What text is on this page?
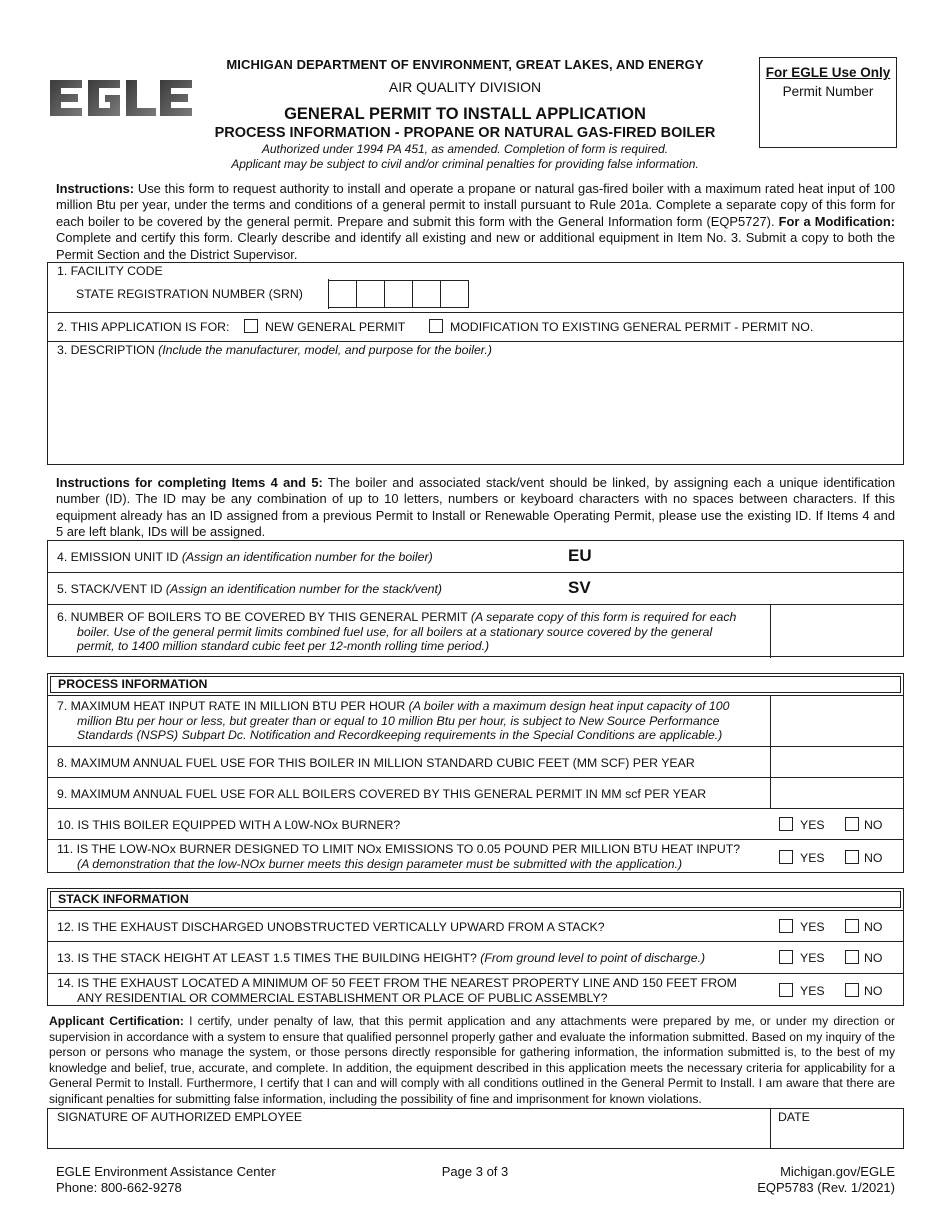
MICHIGAN DEPARTMENT OF ENVIRONMENT, GREAT LAKES, AND ENERGY
AIR QUALITY DIVISION
GENERAL PERMIT TO INSTALL APPLICATION
PROCESS INFORMATION - PROPANE OR NATURAL GAS-FIRED BOILER
Authorized under 1994 PA 451, as amended. Completion of form is required.
Applicant may be subject to civil and/or criminal penalties for providing false information.
For EGLE Use Only
Permit Number
Instructions: Use this form to request authority to install and operate a propane or natural gas-fired boiler with a maximum rated heat input of 100 million Btu per year, under the terms and conditions of a general permit to install pursuant to Rule 201a. Complete a separate copy of this form for each boiler to be covered by the general permit. Prepare and submit this form with the General Information form (EQP5727). For a Modification: Complete and certify this form. Clearly describe and identify all existing and new or additional equipment in Item No. 3. Submit a copy to both the Permit Section and the District Supervisor.
1. FACILITY CODE
STATE REGISTRATION NUMBER (SRN)
2. THIS APPLICATION IS FOR:	NEW GENERAL PERMIT	MODIFICATION TO EXISTING GENERAL PERMIT - PERMIT NO.
3. DESCRIPTION (Include the manufacturer, model, and purpose for the boiler.)
Instructions for completing Items 4 and 5: The boiler and associated stack/vent should be linked, by assigning each a unique identification number (ID). The ID may be any combination of up to 10 letters, numbers or keyboard characters with no spaces between characters. If this equipment already has an ID assigned from a previous Permit to Install or Renewable Operating Permit, please use the existing ID. If Items 4 and 5 are left blank, IDs will be assigned.
4. EMISSION UNIT ID (Assign an identification number for the boiler)	EU
5. STACK/VENT ID (Assign an identification number for the stack/vent)	SV
6. NUMBER OF BOILERS TO BE COVERED BY THIS GENERAL PERMIT (A separate copy of this form is required for each
boiler. Use of the general permit limits combined fuel use, for all boilers at a stationary source covered by the general
permit, to 1400 million standard cubic feet per 12-month rolling time period.)
PROCESS INFORMATION
7. MAXIMUM HEAT INPUT RATE IN MILLION BTU PER HOUR (A boiler with a maximum design heat input capacity of 100
million Btu per hour or less, but greater than or equal to 10 million Btu per hour, is subject to New Source Performance
Standards (NSPS) Subpart Dc. Notification and Recordkeeping requirements in the Special Conditions are applicable.)
8. MAXIMUM ANNUAL FUEL USE FOR THIS BOILER IN MILLION STANDARD CUBIC FEET (MM SCF) PER YEAR
9. MAXIMUM ANNUAL FUEL USE FOR ALL BOILERS COVERED BY THIS GENERAL PERMIT IN MM scf PER YEAR
10. IS THIS BOILER EQUIPPED WITH A L0W-NOx BURNER?	YES	NO
11. IS THE LOW-NOx BURNER DESIGNED TO LIMIT NOx EMISSIONS TO 0.05 POUND PER MILLION BTU HEAT INPUT?
(A demonstration that the low-NOx burner meets this design parameter must be submitted with the application.)	YES	NO
STACK INFORMATION
12. IS THE EXHAUST DISCHARGED UNOBSTRUCTED VERTICALLY UPWARD FROM A STACK?	YES	NO
13. IS THE STACK HEIGHT AT LEAST 1.5 TIMES THE BUILDING HEIGHT? (From ground level to point of discharge.)	YES	NO
14. IS THE EXHAUST LOCATED A MINIMUM OF 50 FEET FROM THE NEAREST PROPERTY LINE AND 150 FEET FROM
ANY RESIDENTIAL OR COMMERCIAL ESTABLISHMENT OR PLACE OF PUBLIC ASSEMBLY?	YES	NO
Applicant Certification: I certify, under penalty of law, that this permit application and any attachments were prepared by me, or under my direction or supervision in accordance with a system to ensure that qualified personnel properly gather and evaluate the information submitted. Based on my inquiry of the person or persons who manage the system, or those persons directly responsible for gathering information, the information submitted is, to the best of my knowledge and belief, true, accurate, and complete. In addition, the equipment described in this application meets the necessary criteria for applicability for a General Permit to Install. Furthermore, I certify that I can and will comply with all conditions outlined in the General Permit to Install. I am aware that there are significant penalties for submitting false information, including the possibility of fine and imprisonment for known violations.
SIGNATURE OF AUTHORIZED EMPLOYEE	DATE
EGLE Environment Assistance Center
Phone: 800-662-9278
Page 3 of 3	Michigan.gov/EGLE
EQP5783 (Rev. 1/2021)
